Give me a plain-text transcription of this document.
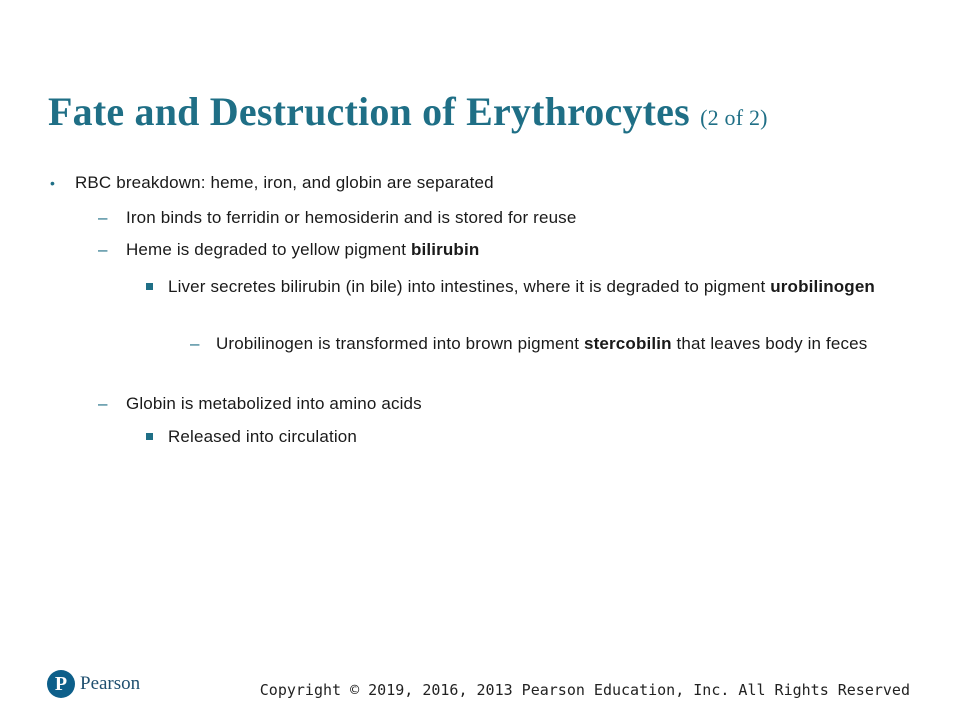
Fate and Destruction of Erythrocytes (2 of 2)
• RBC breakdown: heme, iron, and globin are separated
– Iron binds to ferridin or hemosiderin and is stored for reuse
– Heme is degraded to yellow pigment bilirubin
Liver secretes bilirubin (in bile) into intestines, where it is degraded to pigment urobilinogen
– Urobilinogen is transformed into brown pigment stercobilin that leaves body in feces
– Globin is metabolized into amino acids
Released into circulation
P Pearson	Copyright © 2019, 2016, 2013 Pearson Education, Inc. All Rights Reserved
